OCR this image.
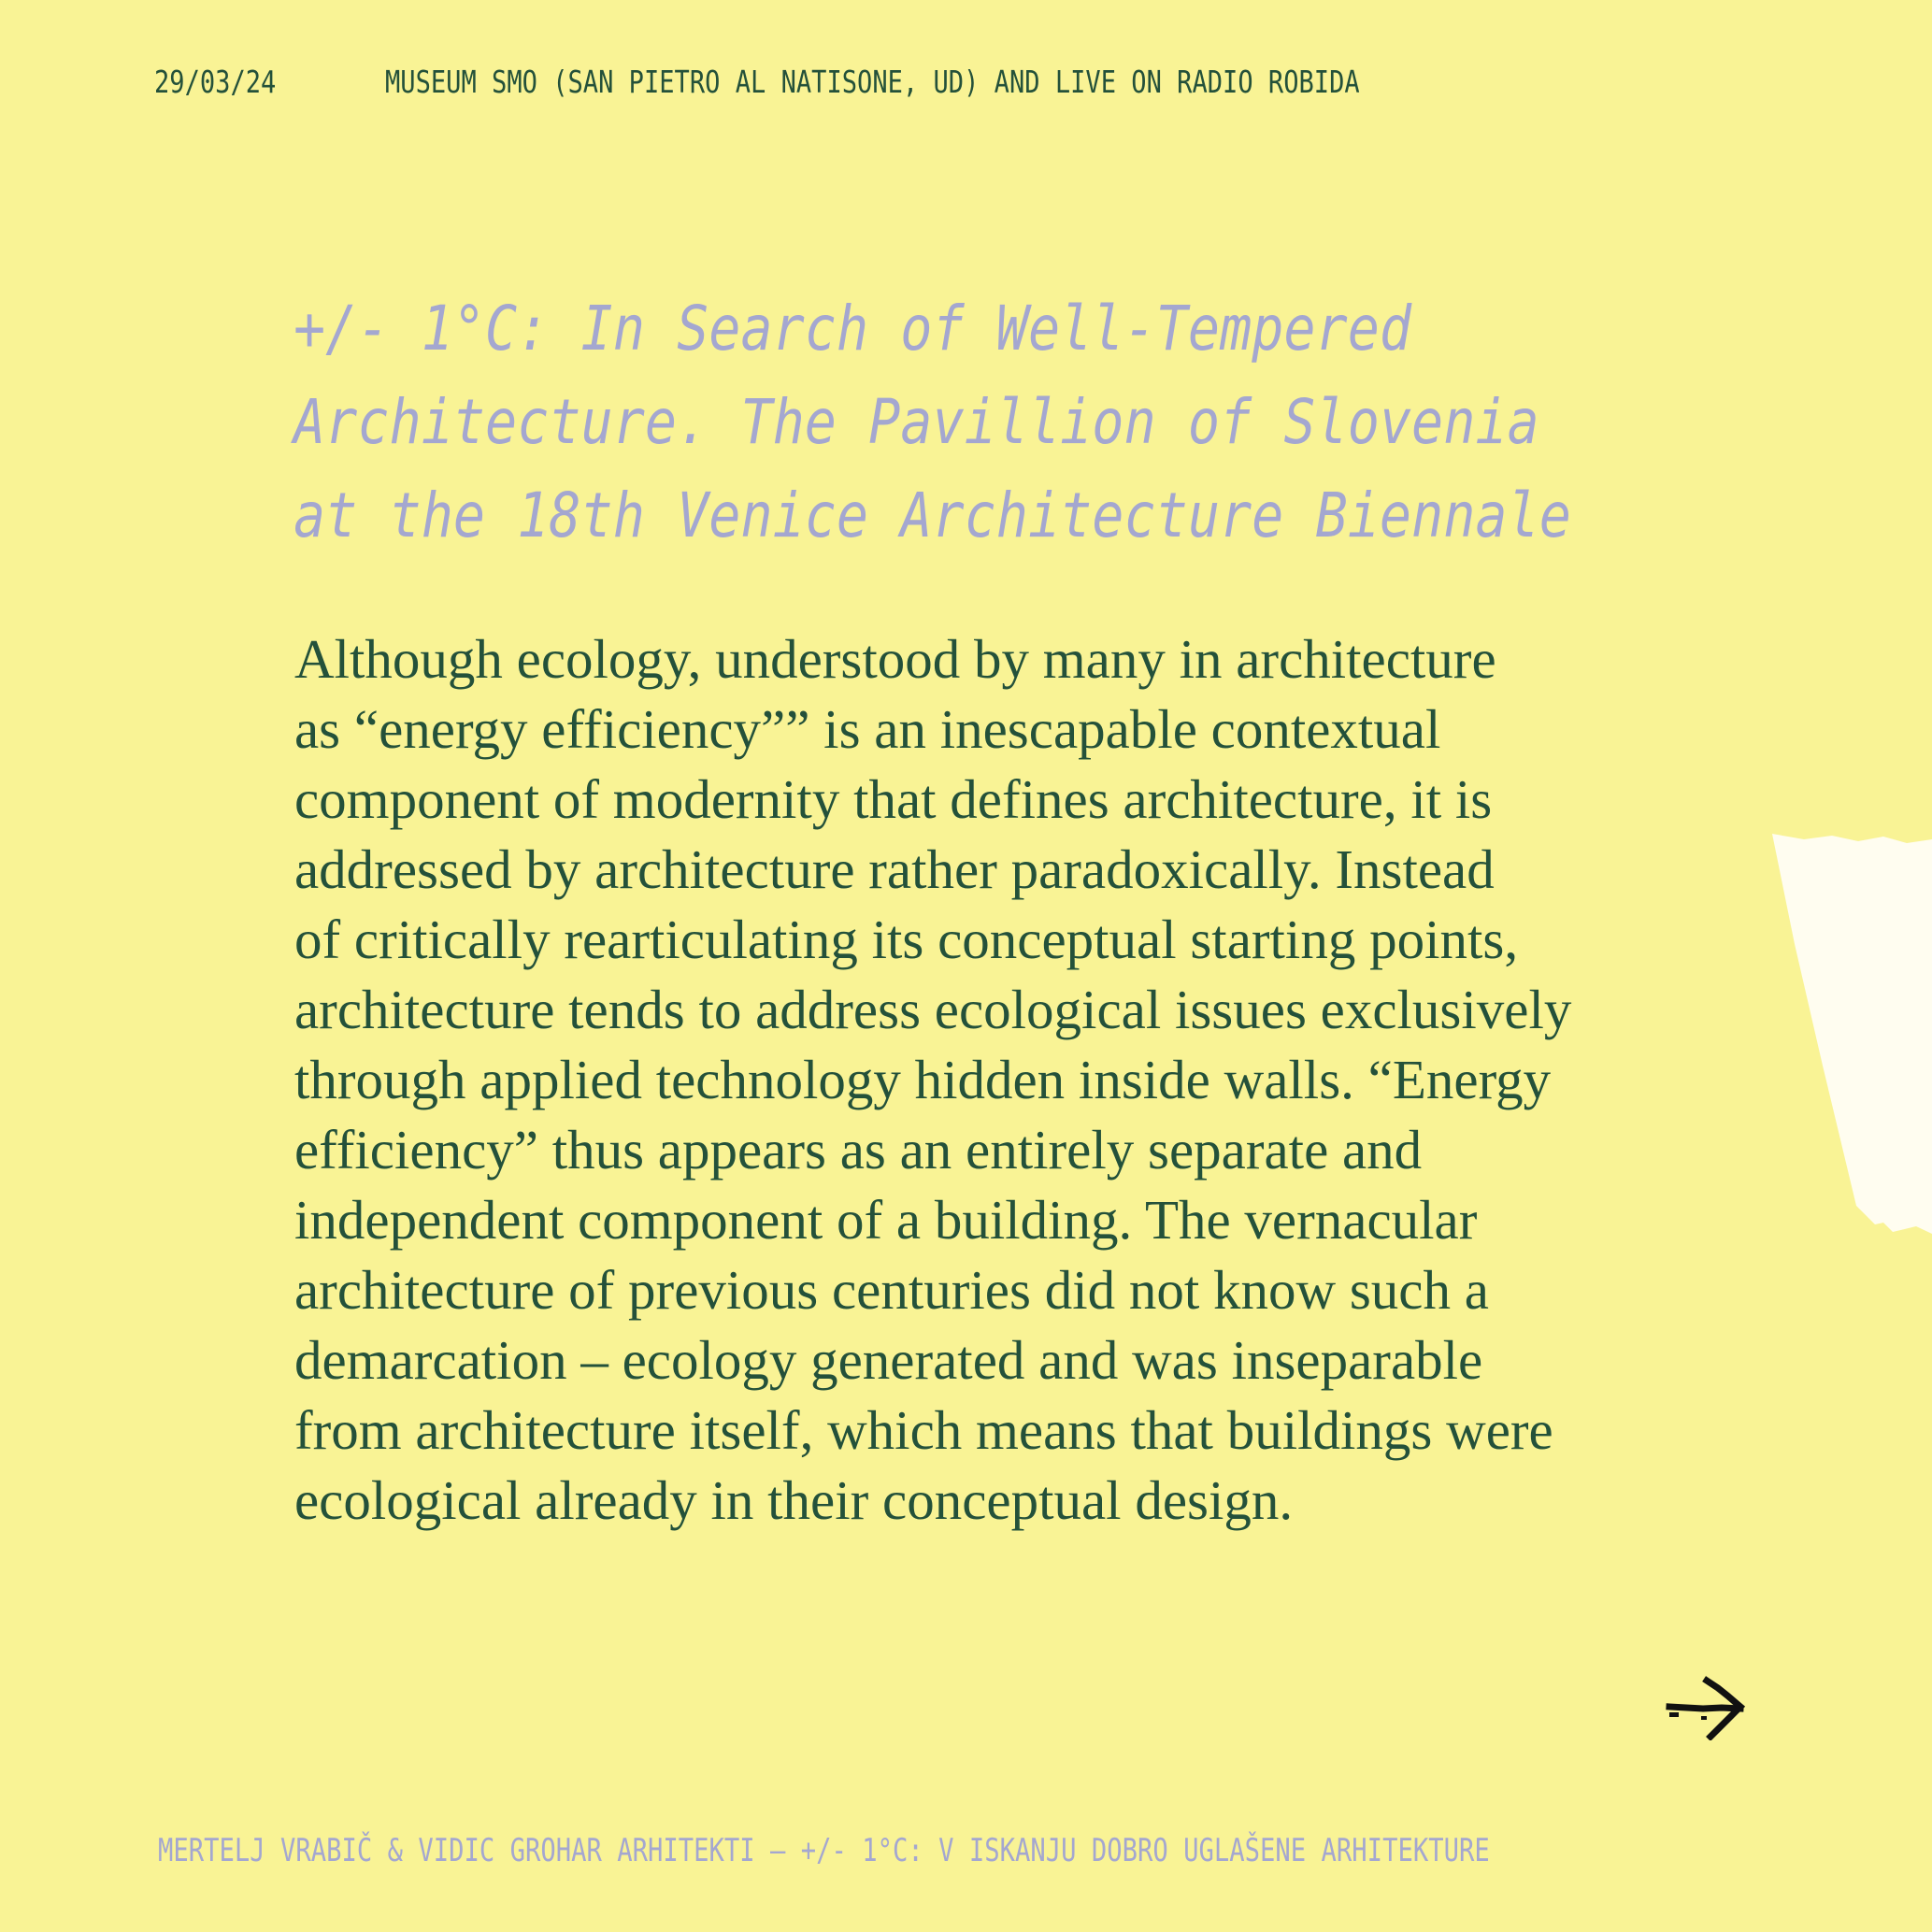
29/03/24	MUSEUM SMO (SAN PIETRO AL NATISONE, UD) AND LIVE ON RADIO ROBIDA
+/- 1°C: In Search of Well-Tempered
Architecture. The Pavillion of Slovenia
at the 18th Venice Architecture Biennale
Although ecology, understood by many in architecture
as “energy efficiency”” is an inescapable contextual
component of modernity that defines architecture, it is
addressed by architecture rather paradoxically. Instead
of critically rearticulating its conceptual starting points,
architecture tends to address ecological issues exclusively
through applied technology hidden inside walls. “Energy
efficiency” thus appears as an entirely separate and
independent component of a building. The vernacular
architecture of previous centuries did not know such a
demarcation – ecology generated and was inseparable
from architecture itself, which means that buildings were
ecological already in their conceptual design.
MERTELJ VRABIČ & VIDIC GROHAR ARHITEKTI – +/- 1°C: V ISKANJU DOBRO UGLAŠENE ARHITEKTURE
